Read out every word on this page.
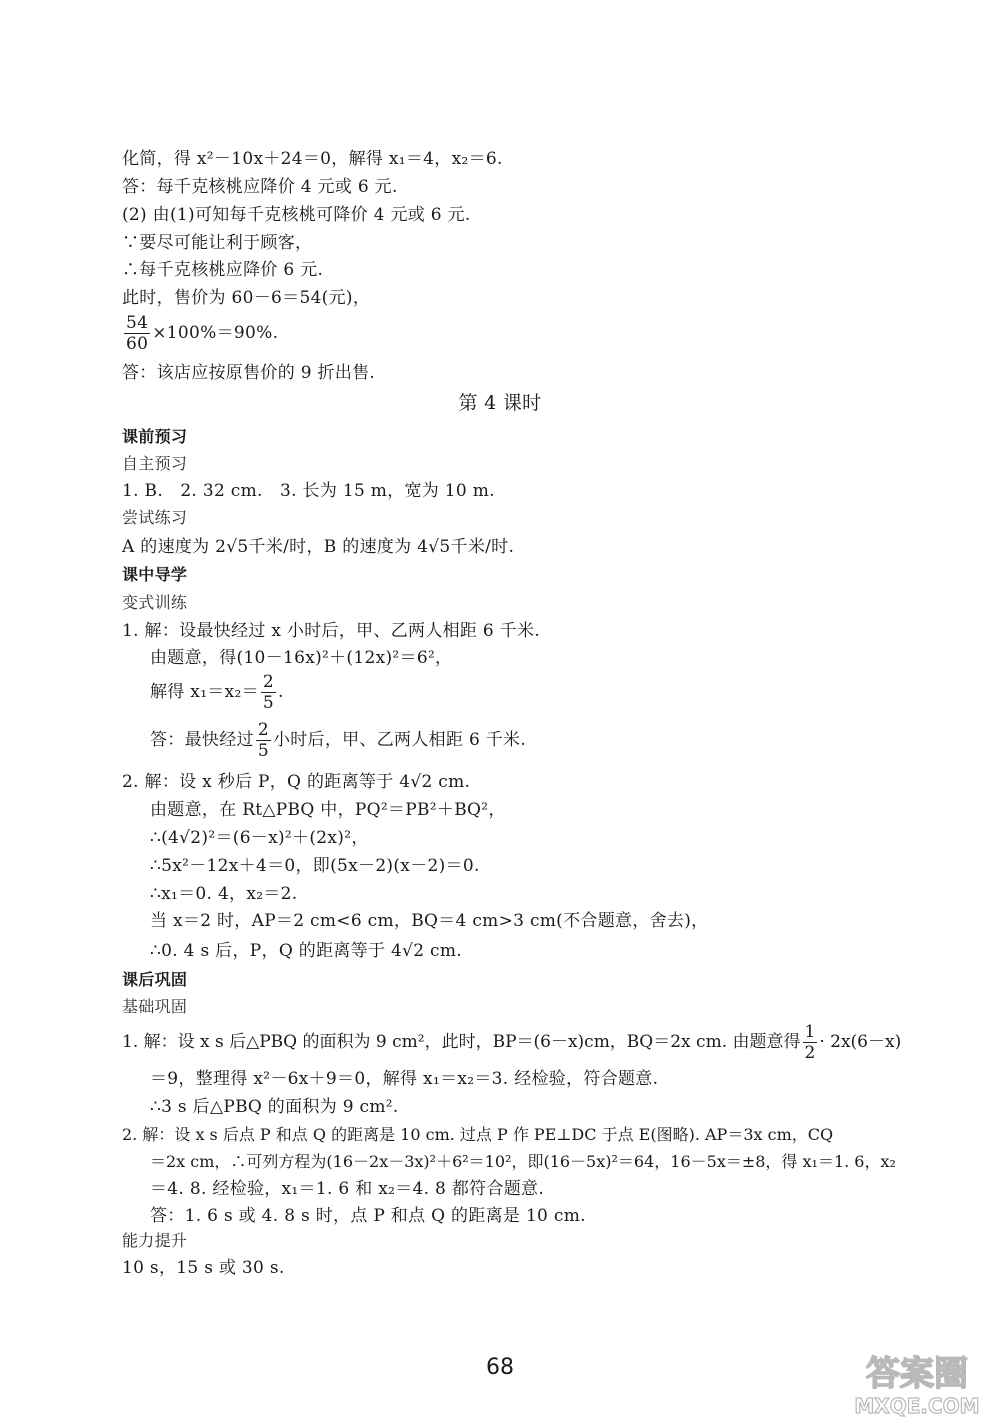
化简，得 x²－10x＋24＝0，解得 x₁＝4，x₂＝6.
答：每千克核桃应降价 4 元或 6 元.
(2) 由(1)可知每千克核桃可降价 4 元或 6 元.
∵要尽可能让利于顾客，
∴每千克核桃应降价 6 元.
此时，售价为 60－6＝54(元)，
$\frac{54}{60} \times 100\%=90\%$.
答：该店应按原售价的 9 折出售.
第 4 课时
课前预习
自主预习
1. B.　2. 32 cm.　3. 长为 15 m，宽为 10 m.
尝试练习
A 的速度为 2√5千米/时，B 的速度为 4√5千米/时.
课中导学
变式训练
1. 解：设最快经过 x 小时后，甲、乙两人相距 6 千米.
由题意，得(10－16x)²＋(12x)²＝6²，
解得 $x_1=x_2= \frac{2}{5}$ .
答：最快经过 $\frac{2}{5}$ 小时后，甲、乙两人相距 6 千米.
2. 解：设 x 秒后 P，Q 的距离等于 4√2 cm.
由题意，在 Rt△PBQ 中，PQ²＝PB²＋BQ²，
∴(4√2)²＝(6－x)²＋(2x)²，
∴5x²－12x＋4＝0，即(5x－2)(x－2)＝0.
∴x₁＝0. 4，x₂＝2.
当 x＝2 时，AP＝2 cm<6 cm，BQ＝4 cm>3 cm(不合题意，舍去)，
∴0. 4 s 后，P，Q 的距离等于 4√2 cm.
课后巩固
基础巩固
1. 解：设 x s 后△PBQ 的面积为 9 cm²，此时，BP＝(6－x)cm，BQ＝2x cm. 由题意得 $\frac{1}{2} \cdot 2x(6-x)$
＝9，整理得 x²－6x＋9＝0，解得 x₁＝x₂＝3. 经检验，符合题意.
∴3 s 后△PBQ 的面积为 9 cm².
2. 解：设 x s 后点 P 和点 Q 的距离是 10 cm. 过点 P 作 PE⊥DC 于点 E(图略). AP＝3x cm，CQ
＝2x cm，∴可列方程为(16－2x－3x)²＋6²＝10²，即(16－5x)²＝64，16－5x＝±8，得 x₁＝1. 6，x₂
＝4. 8. 经检验，x₁＝1. 6 和 x₂＝4. 8 都符合题意.
答：1. 6 s 或 4. 8 s 时，点 P 和点 Q 的距离是 10 cm.
能力提升
10 s，15 s 或 30 s.
68	答案圈
MXQE.COM
